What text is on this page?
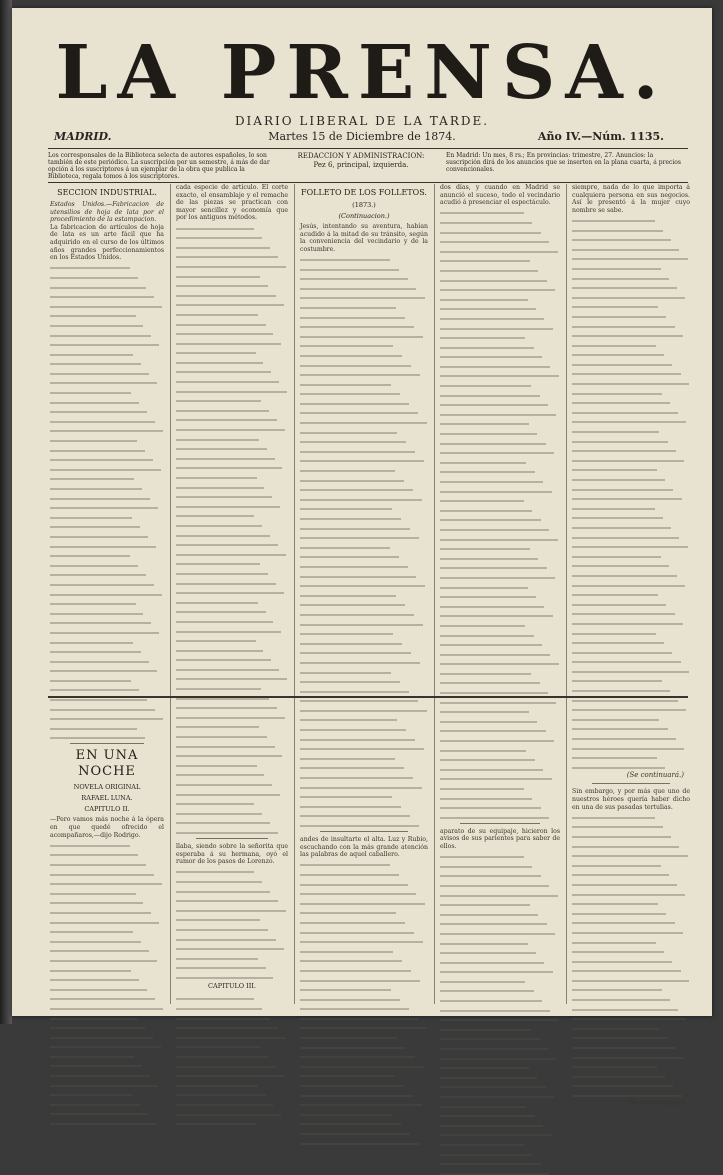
LA PRENSA.
DIARIO LIBERAL DE LA TARDE.
MADRID.	Martes 15 de Diciembre de 1874.	Año IV.—Núm. 1135.
Los corresponsales de la Biblioteca selecta de autores españoles, lo son también de este periódico. La suscripción por un semestre, á más de dar opción á los suscriptores á un ejemplar de la obra que publica la Biblioteca, regala tomos á los suscriptores.
REDACCION Y ADMINISTRACION:
Pez 6, principal, izquierda.
En Madrid: Un mes, 8 rs.; En provincias: trimestre, 27. Anuncios: la suscripción dirá de los anuncios que se inserten en la plana cuarta, á precios convencionales.
SECCION INDUSTRIAL.
Estados Unidos.—Fabricacion de utensilios de hoja de lata por el procedimiento de la estampacion.
La fabricacion de artículos de hoja de lata es un arte fácil que ha adquirido en el curso de los últimos años grandes perfeccionamientos en los Estados Unidos.
EN UNA NOCHE
NOVELA ORIGINAL
RAFAEL LUNA.
CAPITULO II.
—Pero vamos más noche á la ópera en que quedé ofrecido el acompañaros,—dijo Rodrigo.
cada especie de artículo. El corte exacto, el ensamblaje y el remache de las piezas se practican con mayor sencillez y economía que por los antiguos métodos.
llaba, siendo sobre la señorita que esperaba á su hermana, oyó el rumor de los pasos de Lorenzo.
CAPITULO III.
FOLLETO DE LOS FOLLETOS.
(1873.)
(Continuacion.)
Jesús, intentando su aventura, habían acudido á la mitad de su tránsito, según la conveniencia del vecindario y de la costumbre.
andes de insultarte el alta. Luz y Rubio, escuchando con la más grande atención las palabras de aquel caballero.
dos días, y cuando en Madrid se anunció el suceso, todo el vecindario acudió á presenciar el espectáculo.
aparato de su equipaje, hicieron los avisos de sus parientes para saber de ellos.
siempre, nada de lo que importa á cualquiera persona en sus negocios. Así le presentó á la mujer cuyo nombre se sabe.
(Se continuará.)
Sin embargo, y por más que uno de nuestros héroes quería haber dicho en una de sus pasadas tertulias.
(Se continuará.)
